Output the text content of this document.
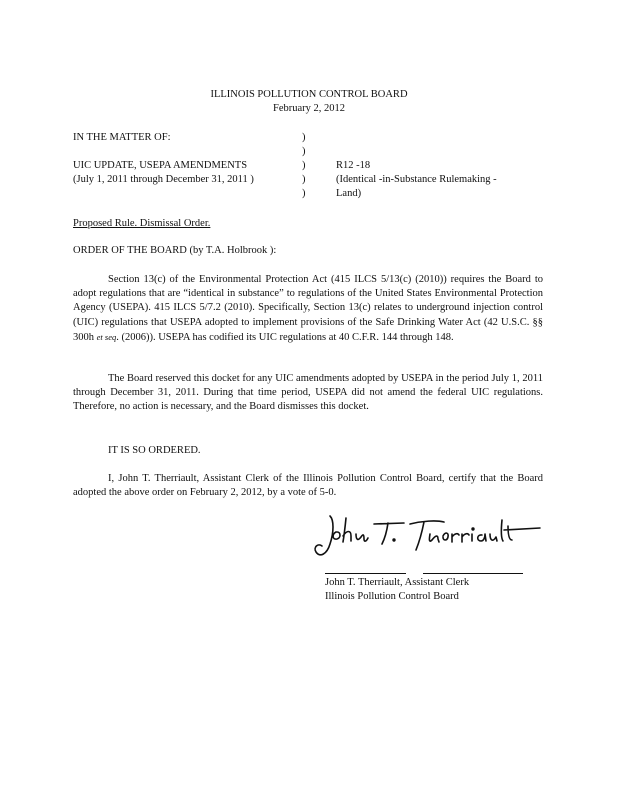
ILLINOIS POLLUTION CONTROL BOARD
February 2, 2012
IN THE MATTER OF:
UIC UPDATE, USEPA AMENDMENTS
(July 1, 2011 through December 31, 2011 )
)
)
)
)
)
R12 -18
(Identical -in-Substance Rulemaking -
Land)
Proposed Rule. Dismissal Order.
ORDER OF THE BOARD (by T.A. Holbrook ):

Section 13(c) of the Environmental Protection Act (415 ILCS 5/13(c) (2010)) requires the Board to adopt regulations that are “identical in substance” to regulations of the United States Environmental Protection Agency (USEPA). 415 ILCS 5/7.2 (2010). Specifically, Section 13(c) relates to underground injection control (UIC) regulations that USEPA adopted to implement provisions of the Safe Drinking Water Act (42 U.S.C. §§ 300h et seq. (2006)). USEPA has codified its UIC regulations at 40 C.F.R. 144 through 148.

The Board reserved this docket for any UIC amendments adopted by USEPA in the period July 1, 2011 through December 31, 2011. During that time period, USEPA did not amend the federal UIC regulations. Therefore, no action is necessary, and the Board dismisses this docket.

IT IS SO ORDERED.

I, John T. Therriault, Assistant Clerk of the Illinois Pollution Control Board, certify that the Board adopted the above order on February 2, 2012, by a vote of 5-0.

John T. Therriault, Assistant Clerk
Illinois Pollution Control Board
